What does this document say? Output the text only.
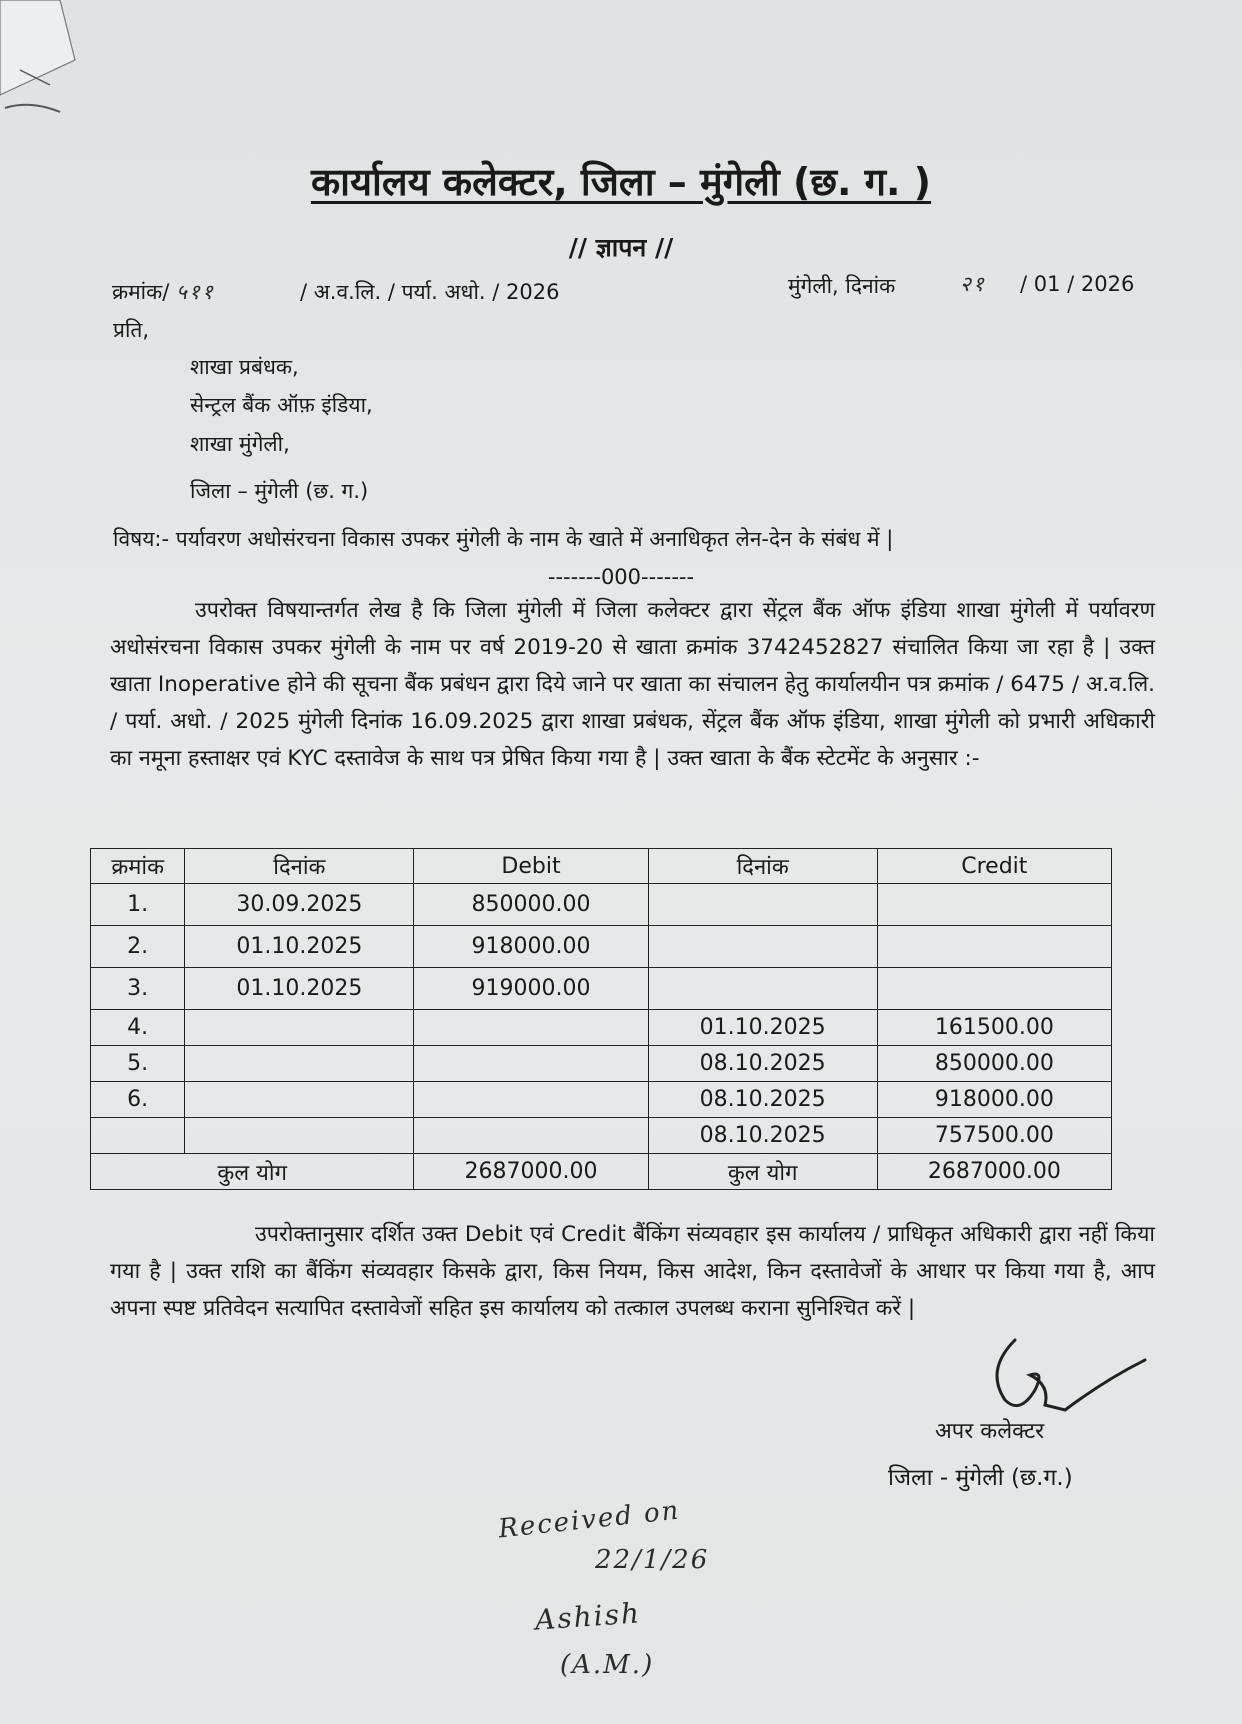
कार्यालय कलेक्टर, जिला – मुंगेली (छ. ग. )
// ज्ञापन //
क्रमांक/ ५११	/ अ.व.लि. / पर्या. अधो. / 2026	मुंगेली, दिनांक	२१ / 01 / 2026
प्रति,
शाखा प्रबंधक,
सेन्ट्रल बैंक ऑफ़ इंडिया,
शाखा मुंगेली,
जिला – मुंगेली (छ. ग.)
विषय:- पर्यावरण अधोसंरचना विकास उपकर मुंगेली के नाम के खाते में अनाधिकृत लेन-देन के संबंध में |
-------000-------
उपरोक्त विषयान्तर्गत लेख है कि जिला मुंगेली में जिला कलेक्टर द्वारा सेंट्रल बैंक ऑफ इंडिया शाखा मुंगेली में पर्यावरण अधोसंरचना विकास उपकर मुंगेली के नाम पर वर्ष 2019-20 से खाता क्रमांक 3742452827 संचालित किया जा रहा है | उक्त खाता Inoperative होने की सूचना बैंक प्रबंधन द्वारा दिये जाने पर खाता का संचालन हेतु कार्यालयीन पत्र क्रमांक / 6475 / अ.व.लि. / पर्या. अधो. / 2025 मुंगेली दिनांक 16.09.2025 द्वारा शाखा प्रबंधक, सेंट्रल बैंक ऑफ इंडिया, शाखा मुंगेली को प्रभारी अधिकारी का नमूना हस्ताक्षर एवं KYC दस्तावेज के साथ पत्र प्रेषित किया गया है | उक्त खाता के बैंक स्टेटमेंट के अनुसार :-
क्रमांक	दिनांक	Debit	दिनांक	Credit
1.	30.09.2025	850000.00		
2.	01.10.2025	918000.00		
3.	01.10.2025	919000.00		
4.			01.10.2025	161500.00
5.			08.10.2025	850000.00
6.			08.10.2025	918000.00
			08.10.2025	757500.00
कुल योग		2687000.00	कुल योग	2687000.00
उपरोक्तानुसार दर्शित उक्त Debit एवं Credit बैंकिंग संव्यवहार इस कार्यालय / प्राधिकृत अधिकारी द्वारा नहीं किया गया है | उक्त राशि का बैंकिंग संव्यवहार किसके द्वारा, किस नियम, किस आदेश, किन दस्तावेजों के आधार पर किया गया है, आप अपना स्पष्ट प्रतिवेदन सत्यापित दस्तावेजों सहित इस कार्यालय को तत्काल उपलब्ध कराना सुनिश्चित करें |
अपर कलेक्टर
जिला - मुंगेली (छ.ग.)
Received on
22/1/26
Ashish
(A.M.)
